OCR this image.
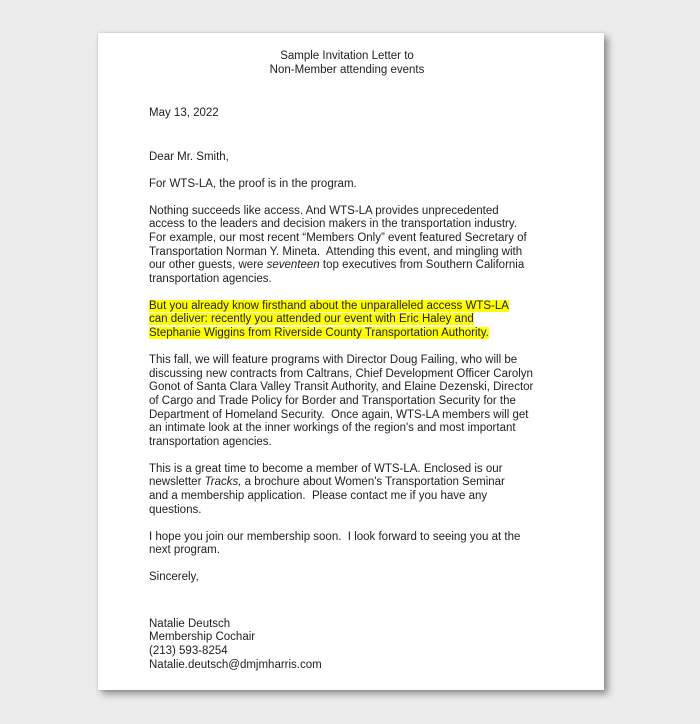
Sample Invitation Letter to
Non-Member attending events
May 13, 2022
Dear Mr. Smith,
For WTS-LA, the proof is in the program.
Nothing succeeds like access. And WTS-LA provides unprecedented
access to the leaders and decision makers in the transportation industry.
For example, our most recent “Members Only” event featured Secretary of
Transportation Norman Y. Mineta.  Attending this event, and mingling with
our other guests, were seventeen top executives from Southern California
transportation agencies.
But you already know firsthand about the unparalleled access WTS-LA
can deliver: recently you attended our event with Eric Haley and
Stephanie Wiggins from Riverside County Transportation Authority.
This fall, we will feature programs with Director Doug Failing, who will be
discussing new contracts from Caltrans, Chief Development Officer Carolyn
Gonot of Santa Clara Valley Transit Authority, and Elaine Dezenski, Director
of Cargo and Trade Policy for Border and Transportation Security for the
Department of Homeland Security.  Once again, WTS-LA members will get
an intimate look at the inner workings of the region's and most important
transportation agencies.
This is a great time to become a member of WTS-LA. Enclosed is our
newsletter Tracks, a brochure about Women's Transportation Seminar
and a membership application.  Please contact me if you have any
questions.
I hope you join our membership soon.  I look forward to seeing you at the
next program.
Sincerely,
Natalie Deutsch
Membership Cochair
(213) 593-8254
Natalie.deutsch@dmjmharris.com
